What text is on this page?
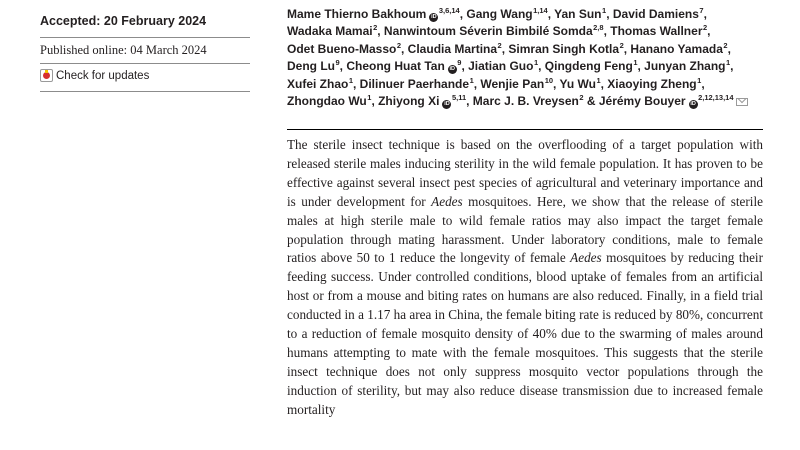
Accepted: 20 February 2024
Published online: 04 March 2024
Check for updates
Mame Thierno Bakhoum iD$^{3,6,14}$, Gang Wang$^{1,14}$, Yan Sun$^1$, David Damiens$^7$,
Wadaka Mamai$^2$, Nanwintoum Séverin Bimbilé Somda$^{2,8}$, Thomas Wallner$^2$,
Odet Bueno-Masso$^2$, Claudia Martina$^2$, Simran Singh Kotla$^2$, Hanano Yamada$^2$,
Deng Lu$^9$, Cheong Huat Tan $iD^9$, Jiatian Guo$^1$, Qingdeng Feng$^1$, Junyan Zhang$^1$,
Xufei Zhao$^1$, Dilinuer Paerhande$^1$, Wenjie Pan$^{10}$, Yu Wu$^1$, Xiaoying Zheng$^1$,
Zhongdao Wu$^1$, Zhiyong Xi iD$^{5,11}$, Marc J. B. Vreysen$^2$ & Jérémy Bouyer iD$^{2,12,13,14}$

The sterile insect technique is based on the overflooding of a target population with released sterile males inducing sterility in the wild female population. It has proven to be effective against several insect pest species of agricultural and veterinary importance and is under development for Aedes mosquitoes. Here, we show that the release of sterile males at high sterile male to wild female ratios may also impact the target female population through mating harassment. Under laboratory conditions, male to female ratios above 50 to 1 reduce the longevity of female Aedes mosquitoes by reducing their feeding success. Under controlled conditions, blood uptake of females from an artificial host or from a mouse and biting rates on humans are also reduced. Finally, in a field trial conducted in a 1.17 ha area in China, the female biting rate is reduced by 80%, concurrent to a reduction of female mosquito density of 40% due to the swarming of males around humans attempting to mate with the female mosquitoes. This suggests that the sterile insect technique does not only suppress mosquito vector populations through the induction of sterility, but may also reduce disease transmission due to increased female mortality
